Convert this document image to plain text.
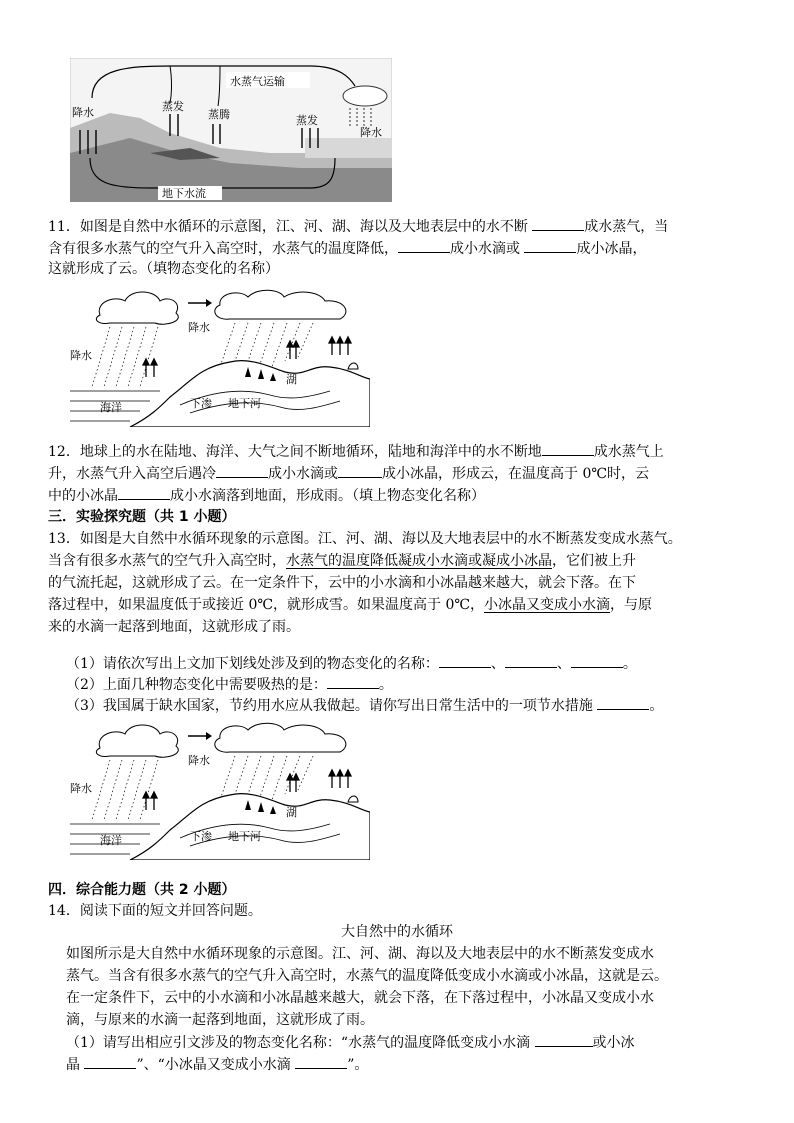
水蒸气运输
降水	蒸发
蒸腾	蒸发
降水
地下水流
11．如图是自然中水循环的示意图，江、河、湖、海以及大地表层中的水不断	成水蒸气，当
含有很多水蒸气的空气升入高空时，水蒸气的温度降低，	成小水滴或	成小冰晶，
这就形成了云。（填物态变化的名称）
降水
降水
湖
海洋	下渗 地下河
12．地球上的水在陆地、海洋、大气之间不断地循环，陆地和海洋中的水不断地	成水蒸气上
升，水蒸气升入高空后遇冷	成小水滴或	成小冰晶，形成云，在温度高于 0℃时，云
中的小冰晶	成小水滴落到地面，形成雨。（填上物态变化名称）
三．实验探究题（共 1 小题）
13．如图是大自然中水循环现象的示意图。江、河、湖、海以及大地表层中的水不断蒸发变成水蒸气。
当含有很多水蒸气的空气升入高空时，水蒸气的温度降低凝成小水滴或凝成小冰晶，它们被上升
的气流托起，这就形成了云。在一定条件下，云中的小水滴和小冰晶越来越大，就会下落。在下
落过程中，如果温度低于或接近 0℃，就形成雪。如果温度高于 0℃，小冰晶又变成小水滴，与原
来的水滴一起落到地面，这就形成了雨。
（1）请依次写出上文加下划线处涉及到的物态变化的名称：	、	、	。
（2）上面几种物态变化中需要吸热的是：	。
（3）我国属于缺水国家，节约用水应从我做起。请你写出日常生活中的一项节水措施	。
降水
降水
湖
海洋	下渗 地下河
四．综合能力题（共 2 小题）
14．阅读下面的短文并回答问题。
大自然中的水循环
如图所示是大自然中水循环现象的示意图。江、河、湖、海以及大地表层中的水不断蒸发变成水
蒸气。当含有很多水蒸气的空气升入高空时，水蒸气的温度降低变成小水滴或小冰晶，这就是云。
在一定条件下，云中的小水滴和小冰晶越来越大，就会下落，在下落过程中，小冰晶又变成小水
滴，与原来的水滴一起落到地面，这就形成了雨。
（1）请写出相应引文涉及的物态变化名称：“水蒸气的温度降低变成小水滴	或小冰
晶	”、“小冰晶又变成小水滴	”。
